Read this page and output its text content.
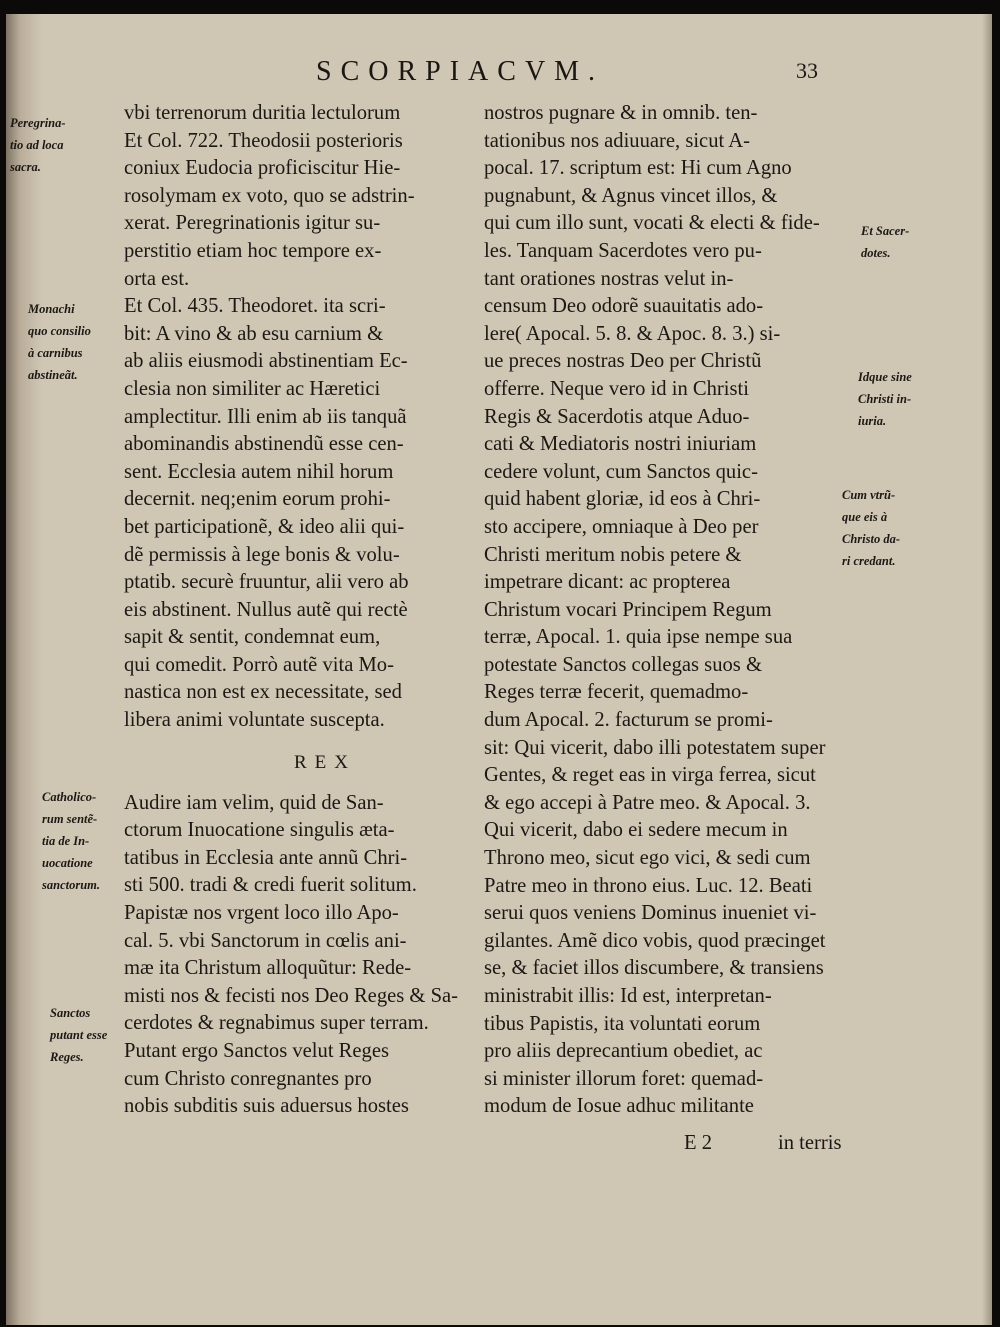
SCORPIACVM.	33
Peregrina-
tio ad loca
sacra.
Monachi
quo consilio
à carnibus
abstineãt.
Catholico-
rum sentẽ-
tia de In-
uocatione
sanctorum.
Sanctos
putant esse
Reges.
Et Sacer-
dotes.
Idque sine
Christi in-
iuria.
Cum vtrũ-
que eis à
Christo da-
ri credant.
vbi terrenorum duritia lectulorum
Et Col. 722. Theodosii posterioris
coniux Eudocia proficiscitur Hie-
rosolymam ex voto, quo se adstrin-
xerat. Peregrinationis igitur su-
perstitio etiam hoc tempore ex-
orta est.
Et Col. 435. Theodoret. ita scri-
bit: A vino & ab esu carnium &
ab aliis eiusmodi abstinentiam Ec-
clesia non similiter ac Hæretici
amplectitur. Illi enim ab iis tanquã
abominandis abstinendũ esse cen-
sent. Ecclesia autem nihil horum
decernit. neq;enim eorum prohi-
bet participationẽ, & ideo alii qui-
dẽ permissis à lege bonis & volu-
ptatib. securè fruuntur, alii vero ab
eis abstinent. Nullus autẽ qui rectè
sapit & sentit, condemnat eum,
qui comedit. Porrò autẽ vita Mo-
nastica non est ex necessitate, sed
libera animi voluntate suscepta.
REX
Audire iam velim, quid de San-
ctorum Inuocatione singulis æta-
tatibus in Ecclesia ante annũ Chri-
sti 500. tradi & credi fuerit solitum.
Papistæ nos vrgent loco illo Apo-
cal. 5. vbi Sanctorum in cœlis ani-
mæ ita Christum alloquũtur: Rede-
misti nos & fecisti nos Deo Reges & Sa-
cerdotes & regnabimus super terram.
Putant ergo Sanctos velut Reges
cum Christo conregnantes pro
nobis subditis suis aduersus hostes
nostros pugnare & in omnib. ten-
tationibus nos adiuuare, sicut A-
pocal. 17. scriptum est: Hi cum Agno
pugnabunt, & Agnus vincet illos, &
qui cum illo sunt, vocati & electi & fide-
les. Tanquam Sacerdotes vero pu-
tant orationes nostras velut in-
censum Deo odorẽ suauitatis ado-
lere( Apocal. 5. 8. & Apoc. 8. 3.) si-
ue preces nostras Deo per Christũ
offerre. Neque vero id in Christi
Regis & Sacerdotis atque Aduo-
cati & Mediatoris nostri iniuriam
cedere volunt, cum Sanctos quic-
quid habent gloriæ, id eos à Chri-
sto accipere, omniaque à Deo per
Christi meritum nobis petere &
impetrare dicant: ac propterea
Christum vocari Principem Regum
terræ, Apocal. 1. quia ipse nempe sua
potestate Sanctos collegas suos &
Reges terræ fecerit, quemadmo-
dum Apocal. 2. facturum se promi-
sit: Qui vicerit, dabo illi potestatem super
Gentes, & reget eas in virga ferrea, sicut
& ego accepi à Patre meo. & Apocal. 3.
Qui vicerit, dabo ei sedere mecum in
Throno meo, sicut ego vici, & sedi cum
Patre meo in throno eius. Luc. 12. Beati
serui quos veniens Dominus inueniet vi-
gilantes. Amẽ dico vobis, quod præcinget
se, & faciet illos discumbere, & transiens
ministrabit illis: Id est, interpretan-
tibus Papistis, ita voluntati eorum
pro aliis deprecantium obediet, ac
si minister illorum foret: quemad-
modum de Iosue adhuc militante
E 2	in terris
